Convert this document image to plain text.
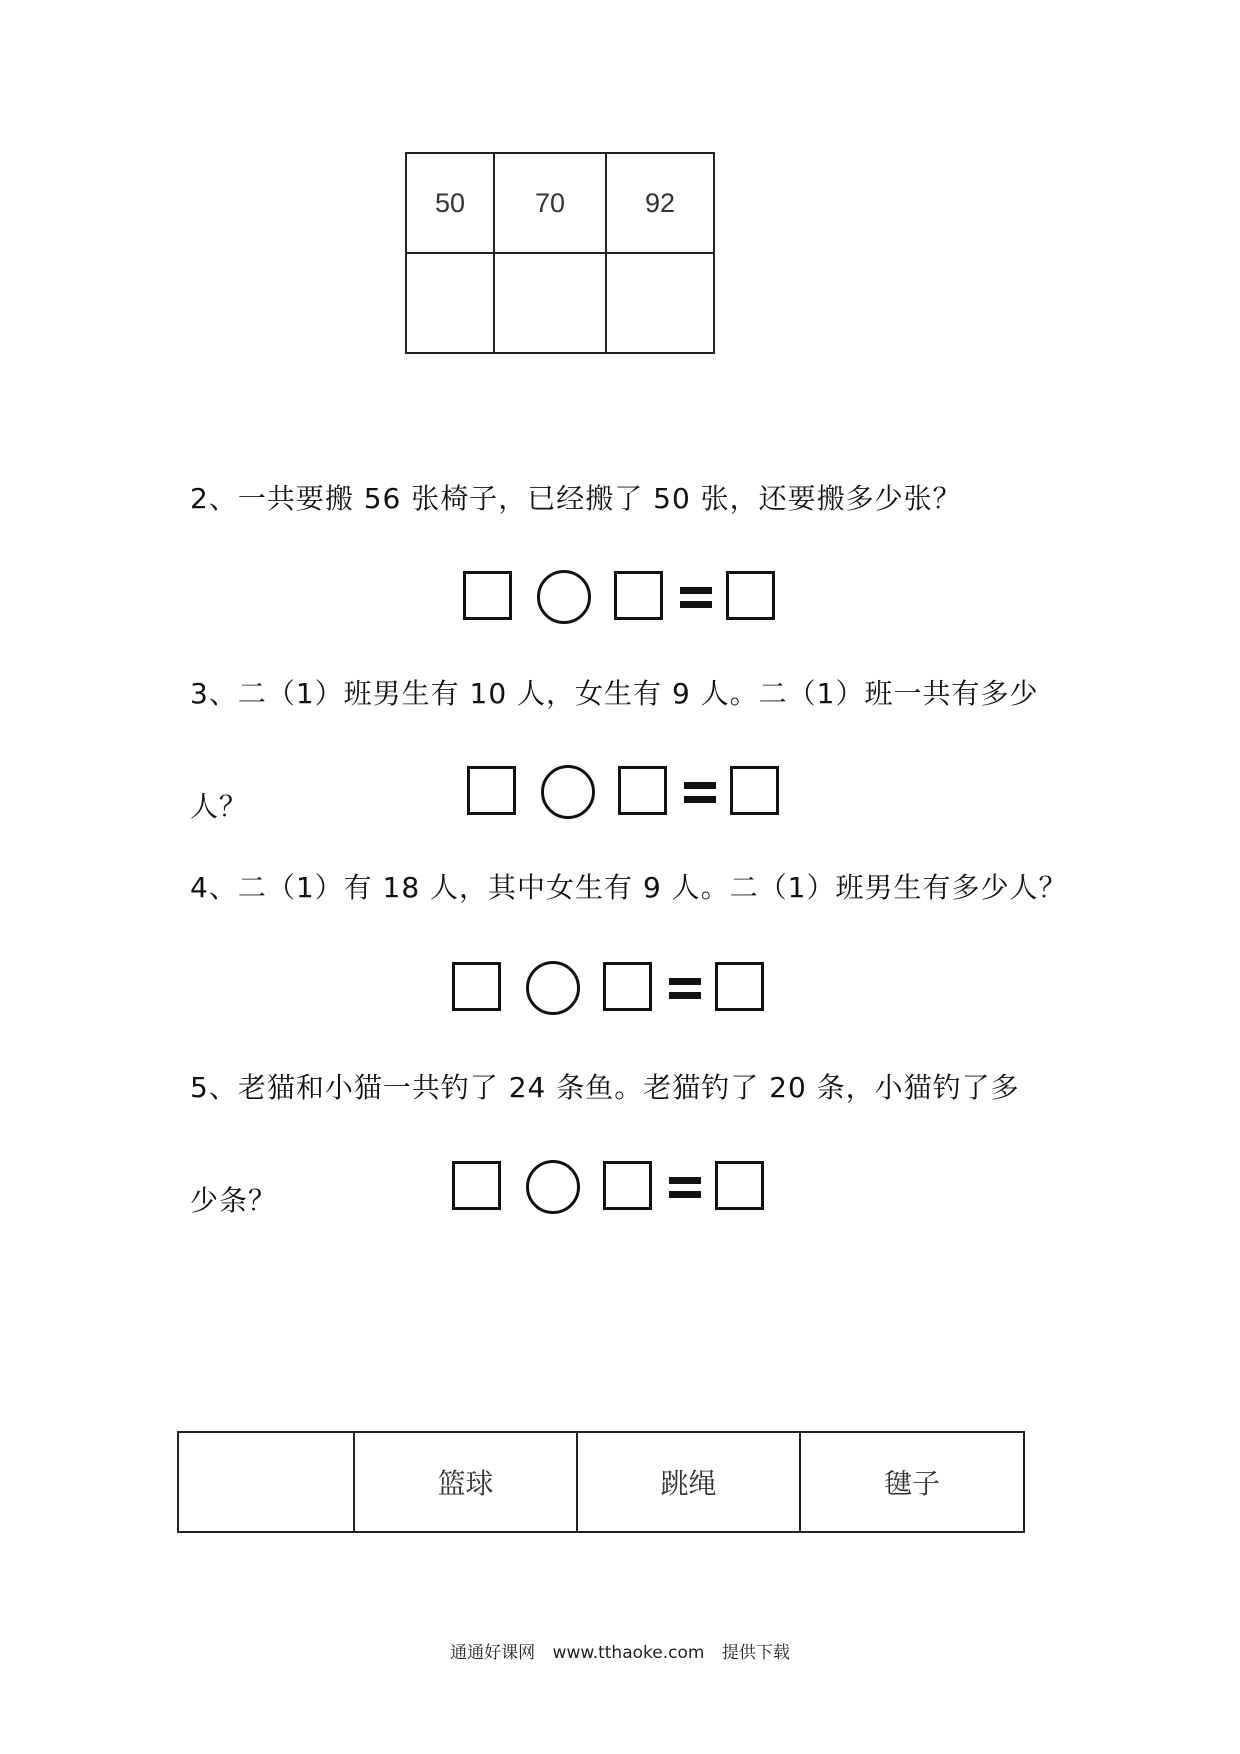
50	70	92

2、一共要搬 56 张椅子，已经搬了 50 张，还要搬多少张？
3、二（1）班男生有 10 人，女生有 9 人。二（1）班一共有多少
人？
4、二（1）有 18 人，其中女生有 9 人。二（1）班男生有多少人？
5、老猫和小猫一共钓了 24 条鱼。老猫钓了 20 条，小猫钓了多
少条？
	篮球	跳绳	毽子
通通好课网 www.tthaoke.com 提供下载
